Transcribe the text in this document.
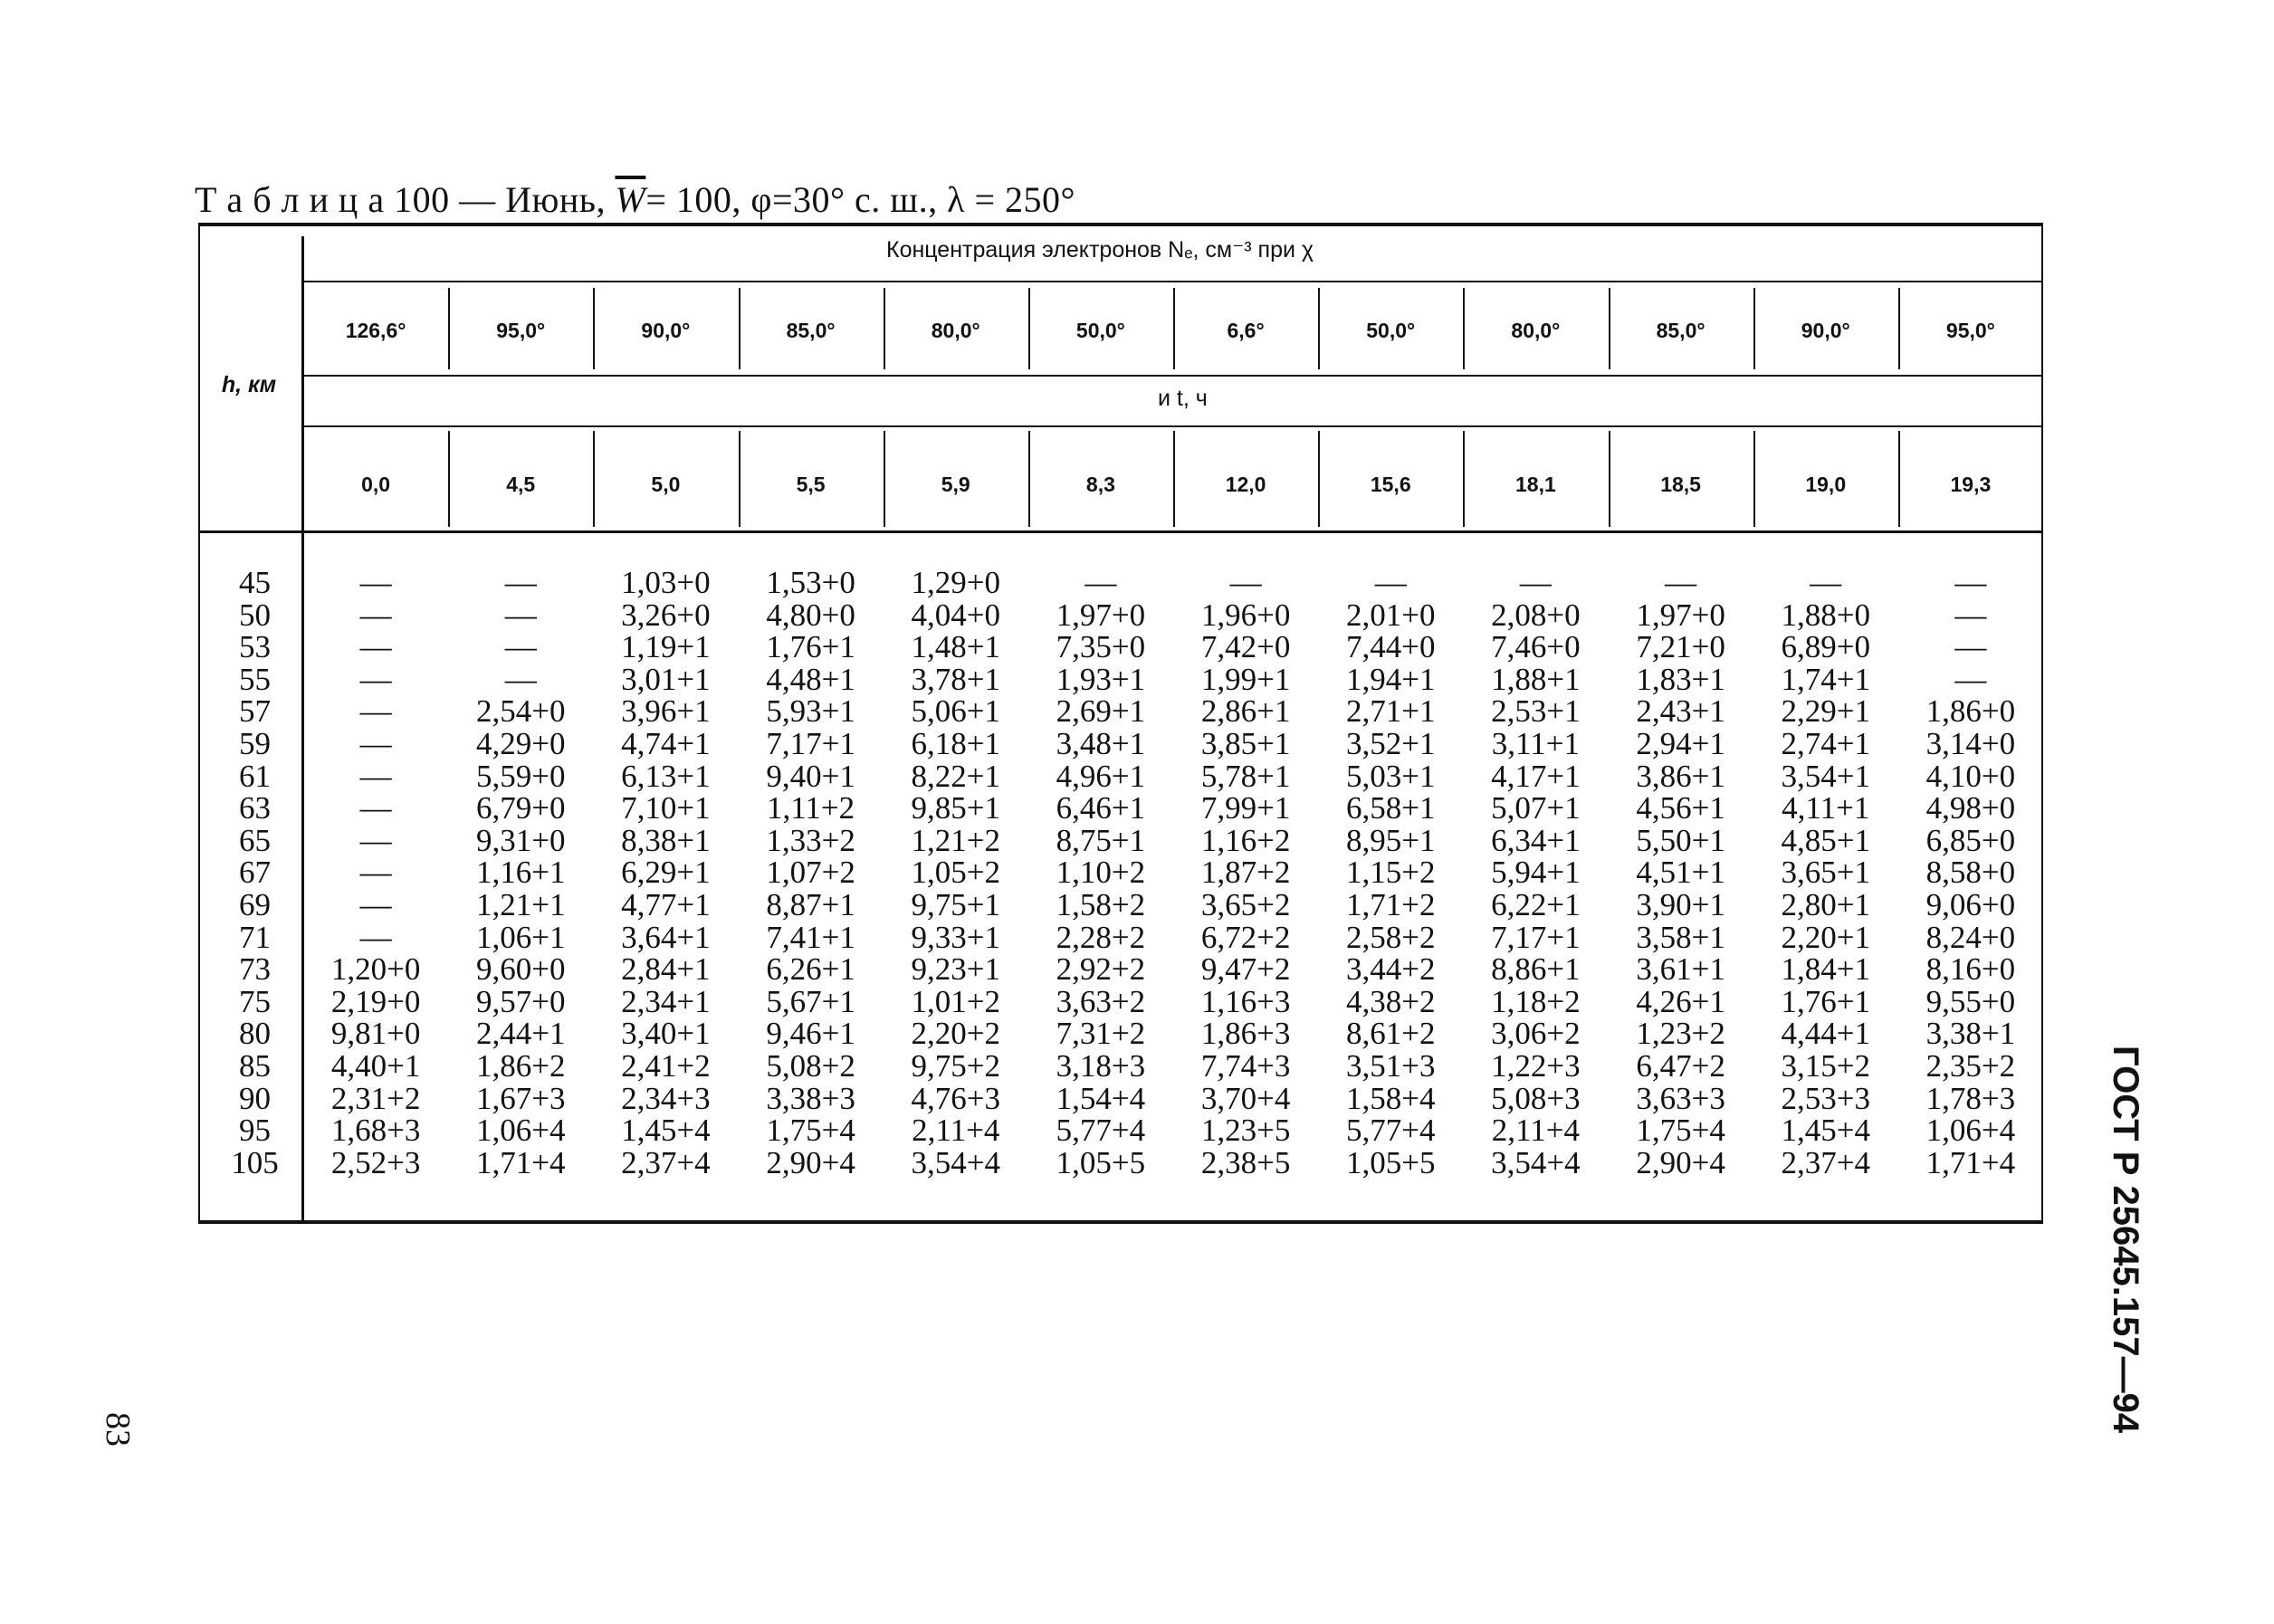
Т а б л и ц а 100 — Июнь, $\overline{W}= 100$, φ=30° с. ш., λ = 250°
h, км
Концентрация электронов Nₑ, см⁻³ при χ
и t, ч
126,6°	95,0°	90,0°	85,0°	80,0°	50,0°	6,6°	50,0°	80,0°	85,0°	90,0°	95,0°
0,0	4,5	5,0	5,5	5,9	8,3	12,0	15,6	18,1	18,5	19,0	19,3
45	—	—	1,03+0	1,53+0	1,29+0	—	—	—	—	—	—	—
50	—	—	3,26+0	4,80+0	4,04+0	1,97+0	1,96+0	2,01+0	2,08+0	1,97+0	1,88+0	—
53	—	—	1,19+1	1,76+1	1,48+1	7,35+0	7,42+0	7,44+0	7,46+0	7,21+0	6,89+0	—
55	—	—	3,01+1	4,48+1	3,78+1	1,93+1	1,99+1	1,94+1	1,88+1	1,83+1	1,74+1	—
57	—	2,54+0	3,96+1	5,93+1	5,06+1	2,69+1	2,86+1	2,71+1	2,53+1	2,43+1	2,29+1	1,86+0
59	—	4,29+0	4,74+1	7,17+1	6,18+1	3,48+1	3,85+1	3,52+1	3,11+1	2,94+1	2,74+1	3,14+0
61	—	5,59+0	6,13+1	9,40+1	8,22+1	4,96+1	5,78+1	5,03+1	4,17+1	3,86+1	3,54+1	4,10+0
63	—	6,79+0	7,10+1	1,11+2	9,85+1	6,46+1	7,99+1	6,58+1	5,07+1	4,56+1	4,11+1	4,98+0
65	—	9,31+0	8,38+1	1,33+2	1,21+2	8,75+1	1,16+2	8,95+1	6,34+1	5,50+1	4,85+1	6,85+0
67	—	1,16+1	6,29+1	1,07+2	1,05+2	1,10+2	1,87+2	1,15+2	5,94+1	4,51+1	3,65+1	8,58+0
69	—	1,21+1	4,77+1	8,87+1	9,75+1	1,58+2	3,65+2	1,71+2	6,22+1	3,90+1	2,80+1	9,06+0
71	—	1,06+1	3,64+1	7,41+1	9,33+1	2,28+2	6,72+2	2,58+2	7,17+1	3,58+1	2,20+1	8,24+0
73	1,20+0	9,60+0	2,84+1	6,26+1	9,23+1	2,92+2	9,47+2	3,44+2	8,86+1	3,61+1	1,84+1	8,16+0
75	2,19+0	9,57+0	2,34+1	5,67+1	1,01+2	3,63+2	1,16+3	4,38+2	1,18+2	4,26+1	1,76+1	9,55+0
80	9,81+0	2,44+1	3,40+1	9,46+1	2,20+2	7,31+2	1,86+3	8,61+2	3,06+2	1,23+2	4,44+1	3,38+1
85	4,40+1	1,86+2	2,41+2	5,08+2	9,75+2	3,18+3	7,74+3	3,51+3	1,22+3	6,47+2	3,15+2	2,35+2
90	2,31+2	1,67+3	2,34+3	3,38+3	4,76+3	1,54+4	3,70+4	1,58+4	5,08+3	3,63+3	2,53+3	1,78+3
95	1,68+3	1,06+4	1,45+4	1,75+4	2,11+4	5,77+4	1,23+5	5,77+4	2,11+4	1,75+4	1,45+4	1,06+4
105	2,52+3	1,71+4	2,37+4	2,90+4	3,54+4	1,05+5	2,38+5	1,05+5	3,54+4	2,90+4	2,37+4	1,71+4	ГОСТ Р 25645.157—94
83
